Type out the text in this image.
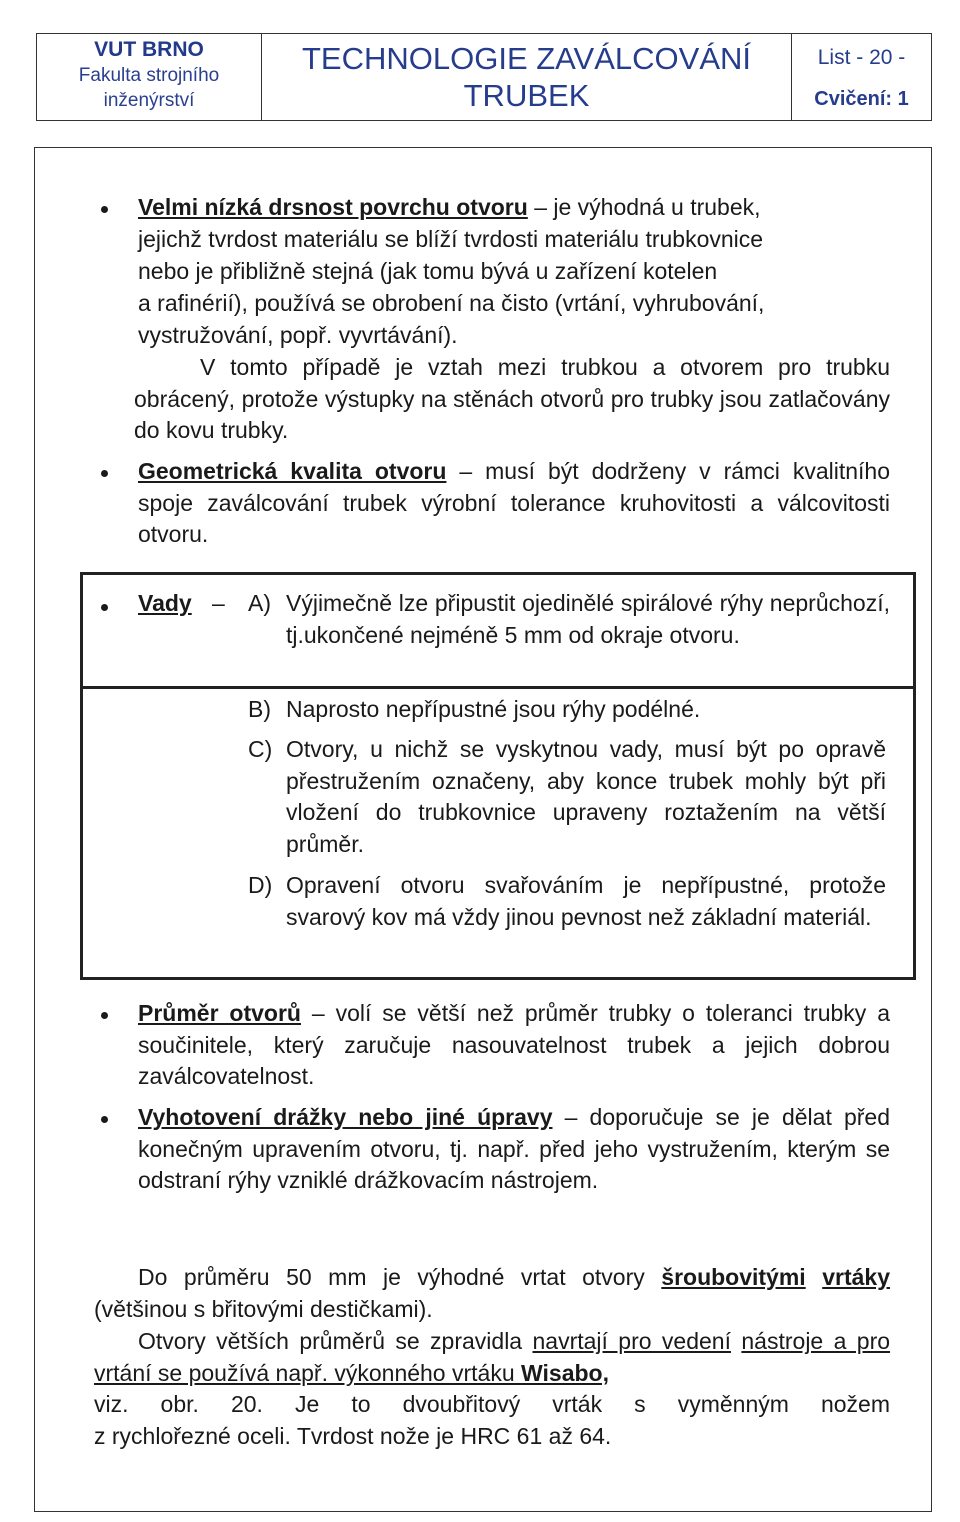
VUT BRNO
Fakulta strojního
inženýrství
TECHNOLOGIE ZAVÁLCOVÁNÍ
TRUBEK
List - 20 -
Cvičení: 1
Velmi nízká drsnost povrchu otvoru – je výhodná u trubek,
jejichž tvrdost materiálu se blíží tvrdosti materiálu trubkovnice
nebo je přibližně stejná (jak tomu bývá u zařízení kotelen
a rafinérií), používá se obrobení na čisto (vrtání, vyhrubování,
vystružování, popř. vyvrtávání).
V tomto případě je vztah mezi trubkou a otvorem pro trubku obrácený, protože výstupky na stěnách otvorů pro trubky jsou zatlačovány do kovu trubky.
Geometrická kvalita otvoru – musí být dodrženy v rámci kvalitního spoje zaválcování trubek výrobní tolerance kruhovitosti a válcovitosti otvoru.
Vady – A) Výjimečně lze připustit ojedinělé spirálové rýhy neprůchozí, tj.ukončené nejméně 5 mm od okraje otvoru.
B) Naprosto nepřípustné jsou rýhy podélné.
C) Otvory, u nichž se vyskytnou vady, musí být po opravě přestružením označeny, aby konce trubek mohly být při vložení do trubkovnice upraveny roztažením na větší průměr.
D) Opravení otvoru svařováním je nepřípustné, protože svarový kov má vždy jinou pevnost než základní materiál.
Průměr otvorů – volí se větší než průměr trubky o toleranci trubky a součinitele, který zaručuje nasouvatelnost trubek a jejich dobrou zaválcovatelnost.
Vyhotovení drážky nebo jiné úpravy – doporučuje se je dělat před konečným upravením otvoru, tj. např. před jeho vystružením, kterým se odstraní rýhy vzniklé drážkovacím nástrojem.
Do průměru 50 mm je výhodné vrtat otvory šroubovitými vrtáky (většinou s břitovými destičkami).
Otvory větších průměrů se zpravidla navrtají pro vedení nástroje a pro vrtání se používá např. výkonného vrtáku Wisabo,
viz. obr. 20. Je to dvoubřitový vrták s vyměnným nožem
z rychlořezné oceli. Tvrdost nože je HRC 61 až 64.
